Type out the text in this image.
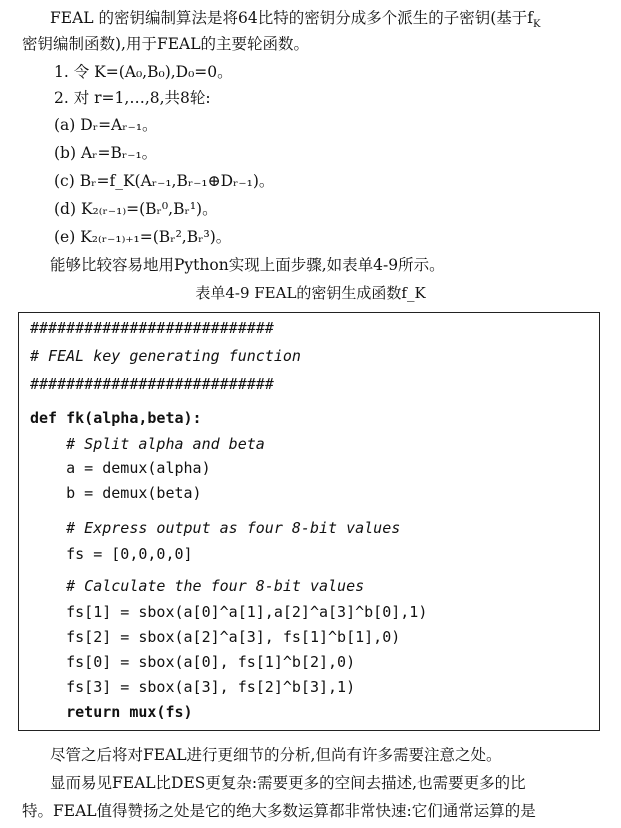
FEAL 的密钥编制算法是将64比特的密钥分成多个派生的子密钥(基于$f_K$
密钥编制函数),用于FEAL的主要轮函数。
1. 令 K=(A₀,B₀),D₀=0。
2. 对 r=1,…,8,共8轮:
(a) Dᵣ=Aᵣ₋₁。
(b) Aᵣ=Bᵣ₋₁。
(c) Bᵣ=f_K(Aᵣ₋₁,Bᵣ₋₁⊕Dᵣ₋₁)。
(d) K₂₍ᵣ₋₁₎=(Bᵣ⁰,Bᵣ¹)。
(e) K₂₍ᵣ₋₁₎₊₁=(Bᵣ²,Bᵣ³)。
能够比较容易地用Python实现上面步骤,如表单4-9所示。
表单4-9 FEAL的密钥生成函数f_K
###########################
# FEAL key generating function
###########################
def fk(alpha,beta):
# Split alpha and beta
a = demux(alpha)
b = demux(beta)
# Express output as four 8-bit values
fs = [0,0,0,0]
# Calculate the four 8-bit values
fs[1] = sbox(a[0]^a[1],a[2]^a[3]^b[0],1)
fs[2] = sbox(a[2]^a[3], fs[1]^b[1],0)
fs[0] = sbox(a[0], fs[1]^b[2],0)
fs[3] = sbox(a[3], fs[2]^b[3],1)
return mux(fs)
尽管之后将对FEAL进行更细节的分析,但尚有许多需要注意之处。
显而易见FEAL比DES更复杂:需要更多的空间去描述,也需要更多的比
特。FEAL值得赞扬之处是它的绝大多数运算都非常快速:它们通常运算的是
